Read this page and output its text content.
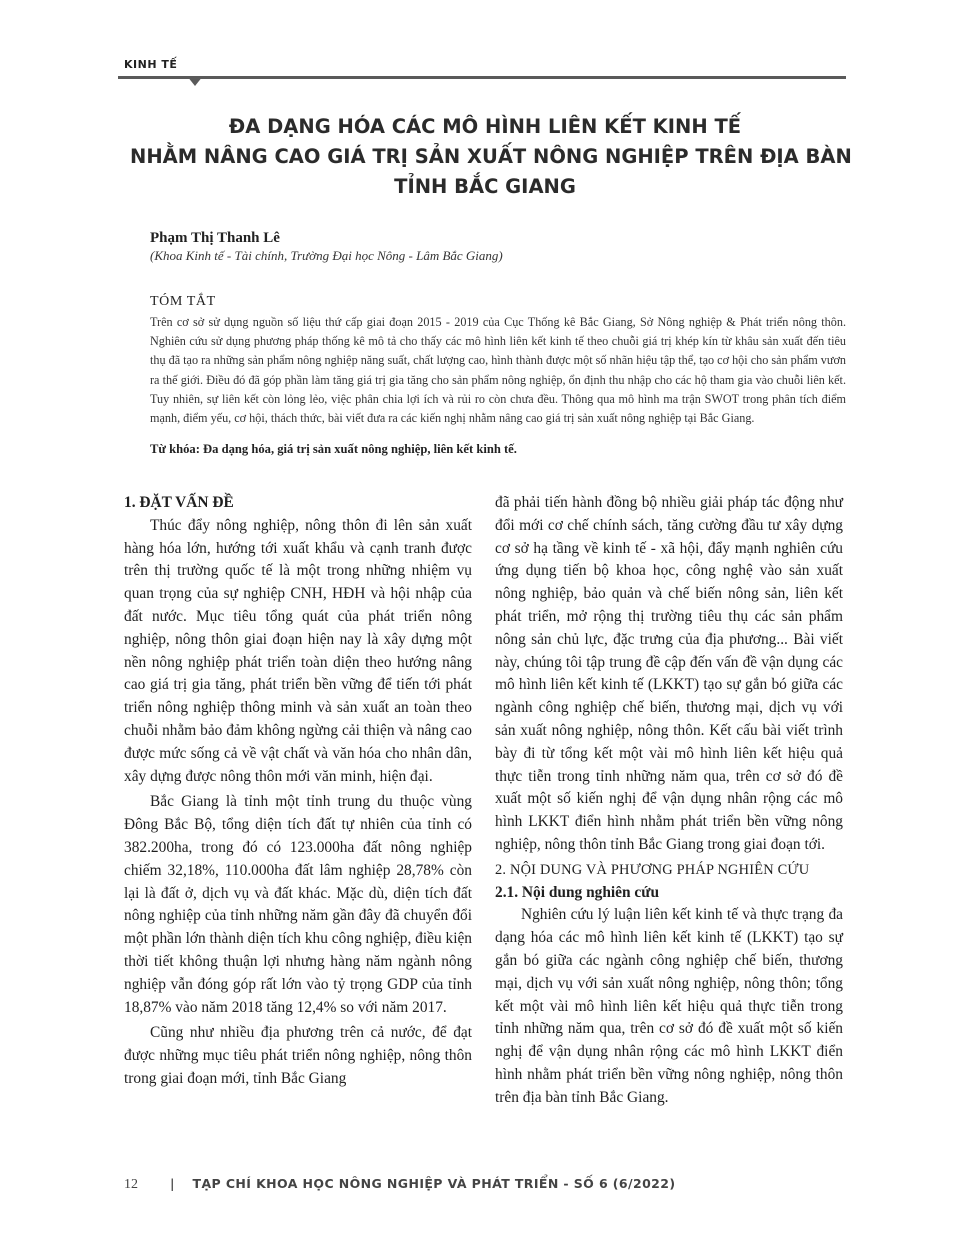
KINH TẾ
ĐA DẠNG HÓA CÁC MÔ HÌNH LIÊN KẾT KINH TẾ
NHẰM NÂNG CAO GIÁ TRỊ SẢN XUẤT NÔNG NGHIỆP TRÊN ĐỊA BÀN
TỈNH BẮC GIANG
Phạm Thị Thanh Lê
(Khoa Kinh tế - Tài chính, Trường Đại học Nông - Lâm Bắc Giang)
TÓM TẮT
Trên cơ sở sử dụng nguồn số liệu thứ cấp giai đoạn 2015 - 2019 của Cục Thống kê Bắc Giang, Sở Nông nghiệp & Phát triển nông thôn. Nghiên cứu sử dụng phương pháp thống kê mô tả cho thấy các mô hình liên kết kinh tế theo chuỗi giá trị khép kín từ khâu sản xuất đến tiêu thụ đã tạo ra những sản phẩm nông nghiệp năng suất, chất lượng cao, hình thành được một số nhãn hiệu tập thể, tạo cơ hội cho sản phẩm vươn ra thế giới. Điều đó đã góp phần làm tăng giá trị gia tăng cho sản phẩm nông nghiệp, ổn định thu nhập cho các hộ tham gia vào chuỗi liên kết. Tuy nhiên, sự liên kết còn lỏng lẻo, việc phân chia lợi ích và rủi ro còn chưa đều. Thông qua mô hình ma trận SWOT trong phân tích điểm mạnh, điểm yếu, cơ hội, thách thức, bài viết đưa ra các kiến nghị nhằm nâng cao giá trị sản xuất nông nghiệp tại Bắc Giang.
Từ khóa: Đa dạng hóa, giá trị sản xuất nông nghiệp, liên kết kinh tế.
1. ĐẶT VẤN ĐỀ

Thúc đẩy nông nghiệp, nông thôn đi lên sản xuất hàng hóa lớn, hướng tới xuất khẩu và cạnh tranh được trên thị trường quốc tế là một trong những nhiệm vụ quan trọng của sự nghiệp CNH, HĐH và hội nhập của đất nước. Mục tiêu tổng quát của phát triển nông nghiệp, nông thôn giai đoạn hiện nay là xây dựng một nền nông nghiệp phát triển toàn diện theo hướng nâng cao giá trị gia tăng, phát triển bền vững để tiến tới phát triển nông nghiệp thông minh và sản xuất an toàn theo chuỗi nhằm bảo đảm không ngừng cải thiện và nâng cao được mức sống cả về vật chất và văn hóa cho nhân dân, xây dựng được nông thôn mới văn minh, hiện đại.

Bắc Giang là tỉnh một tỉnh trung du thuộc vùng Đông Bắc Bộ, tổng diện tích đất tự nhiên của tỉnh có 382.200ha, trong đó có 123.000ha đất nông nghiệp chiếm 32,18%, 110.000ha đất lâm nghiệp 28,78% còn lại là đất ở, dịch vụ và đất khác. Mặc dù, diện tích đất nông nghiệp của tỉnh những năm gần đây đã chuyển đổi một phần lớn thành diện tích khu công nghiệp, điều kiện thời tiết không thuận lợi nhưng hàng năm ngành nông nghiệp vẫn đóng góp rất lớn vào tỷ trọng GDP của tỉnh 18,87% vào năm 2018 tăng 12,4% so với năm 2017.

Cũng như nhiều địa phương trên cả nước, để đạt được những mục tiêu phát triển nông nghiệp, nông thôn trong giai đoạn mới, tỉnh Bắc Giang

đã phải tiến hành đồng bộ nhiều giải pháp tác động như đổi mới cơ chế chính sách, tăng cường đầu tư xây dựng cơ sở hạ tầng về kinh tế - xã hội, đẩy mạnh nghiên cứu ứng dụng tiến bộ khoa học, công nghệ vào sản xuất nông nghiệp, bảo quản và chế biến nông sản, liên kết phát triển, mở rộng thị trường tiêu thụ các sản phẩm nông sản chủ lực, đặc trưng của địa phương... Bài viết này, chúng tôi tập trung đề cập đến vấn đề vận dụng các mô hình liên kết kinh tế (LKKT) tạo sự gắn bó giữa các ngành công nghiệp chế biến, thương mại, dịch vụ với sản xuất nông nghiệp, nông thôn. Kết cấu bài viết trình bày đi từ tổng kết một vài mô hình liên kết hiệu quả thực tiễn trong tỉnh những năm qua, trên cơ sở đó đề xuất một số kiến nghị để vận dụng nhân rộng các mô hình LKKT điển hình nhằm phát triển bền vững nông nghiệp, nông thôn tỉnh Bắc Giang trong giai đoạn tới.

2. NỘI DUNG VÀ PHƯƠNG PHÁP NGHIÊN CỨU
2.1. Nội dung nghiên cứu

Nghiên cứu lý luận liên kết kinh tế và thực trạng đa dạng hóa các mô hình liên kết kinh tế (LKKT) tạo sự gắn bó giữa các ngành công nghiệp chế biến, thương mại, dịch vụ với sản xuất nông nghiệp, nông thôn; tổng kết một vài mô hình liên kết hiệu quả thực tiễn trong tỉnh những năm qua, trên cơ sở đó đề xuất một số kiến nghị để vận dụng nhân rộng các mô hình LKKT điển hình nhằm phát triển bền vững nông nghiệp, nông thôn trên địa bàn tỉnh Bắc Giang.

12	| TẠP CHÍ KHOA HỌC NÔNG NGHIỆP VÀ PHÁT TRIỂN - SỐ 6 (6/2022)
